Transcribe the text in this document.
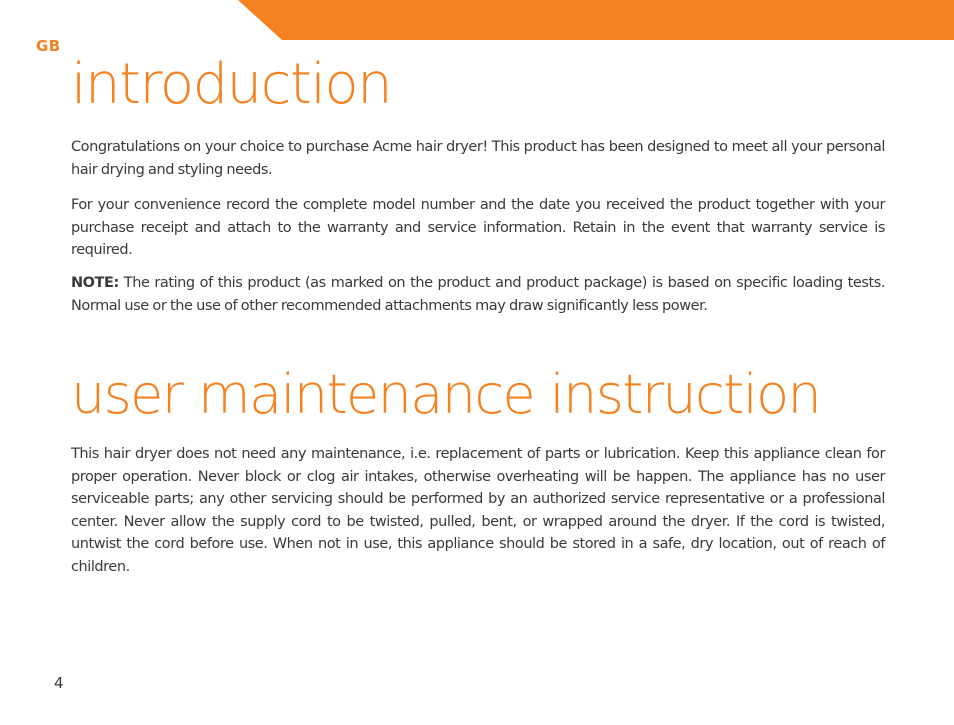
GB
introduction

Congratulations on your choice to purchase Acme hair dryer! This product has been designed to meet all your personal hair drying and styling needs.

For your convenience record the complete model number and the date you received the product together with your purchase receipt and attach to the warranty and service information. Retain in the event that warranty service is required.

NOTE: The rating of this product (as marked on the product and product package) is based on specific loading tests. Normal use or the use of other recommended attachments may draw significantly less power.

user maintenance instruction

This hair dryer does not need any maintenance, i.e. replacement of parts or lubrication. Keep this appliance clean for proper operation. Never block or clog air intakes, otherwise overheating will be happen. The appliance has no user serviceable parts; any other servicing should be performed by an authorized service representative or a professional center. Never allow the supply cord to be twisted, pulled, bent, or wrapped around the dryer. If the cord is twisted, untwist the cord before use. When not in use, this appliance should be stored in a safe, dry location, out of reach of children.

4
